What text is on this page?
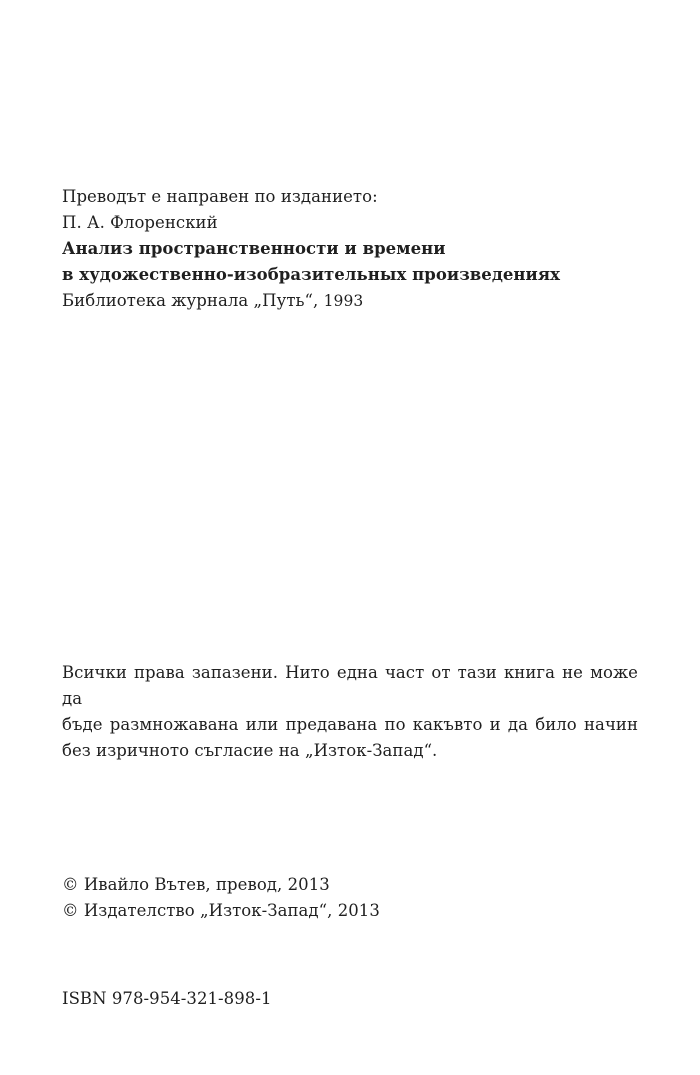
Преводът е направен по изданието:
П. А. Флоренский
Анализ пространственности и времени
в художественно-изобразительных произведениях
Библиотека журнала „Путь“, 1993
Всички права запазени. Нито една част от тази книга не може да
бъде размножавана или предавана по какъвто и да било начин
без изричното съгласие на „Изток-Запад“.
© Ивайло Вътев, превод, 2013
© Издателство „Изток-Запад“, 2013
ISBN 978-954-321-898-1
